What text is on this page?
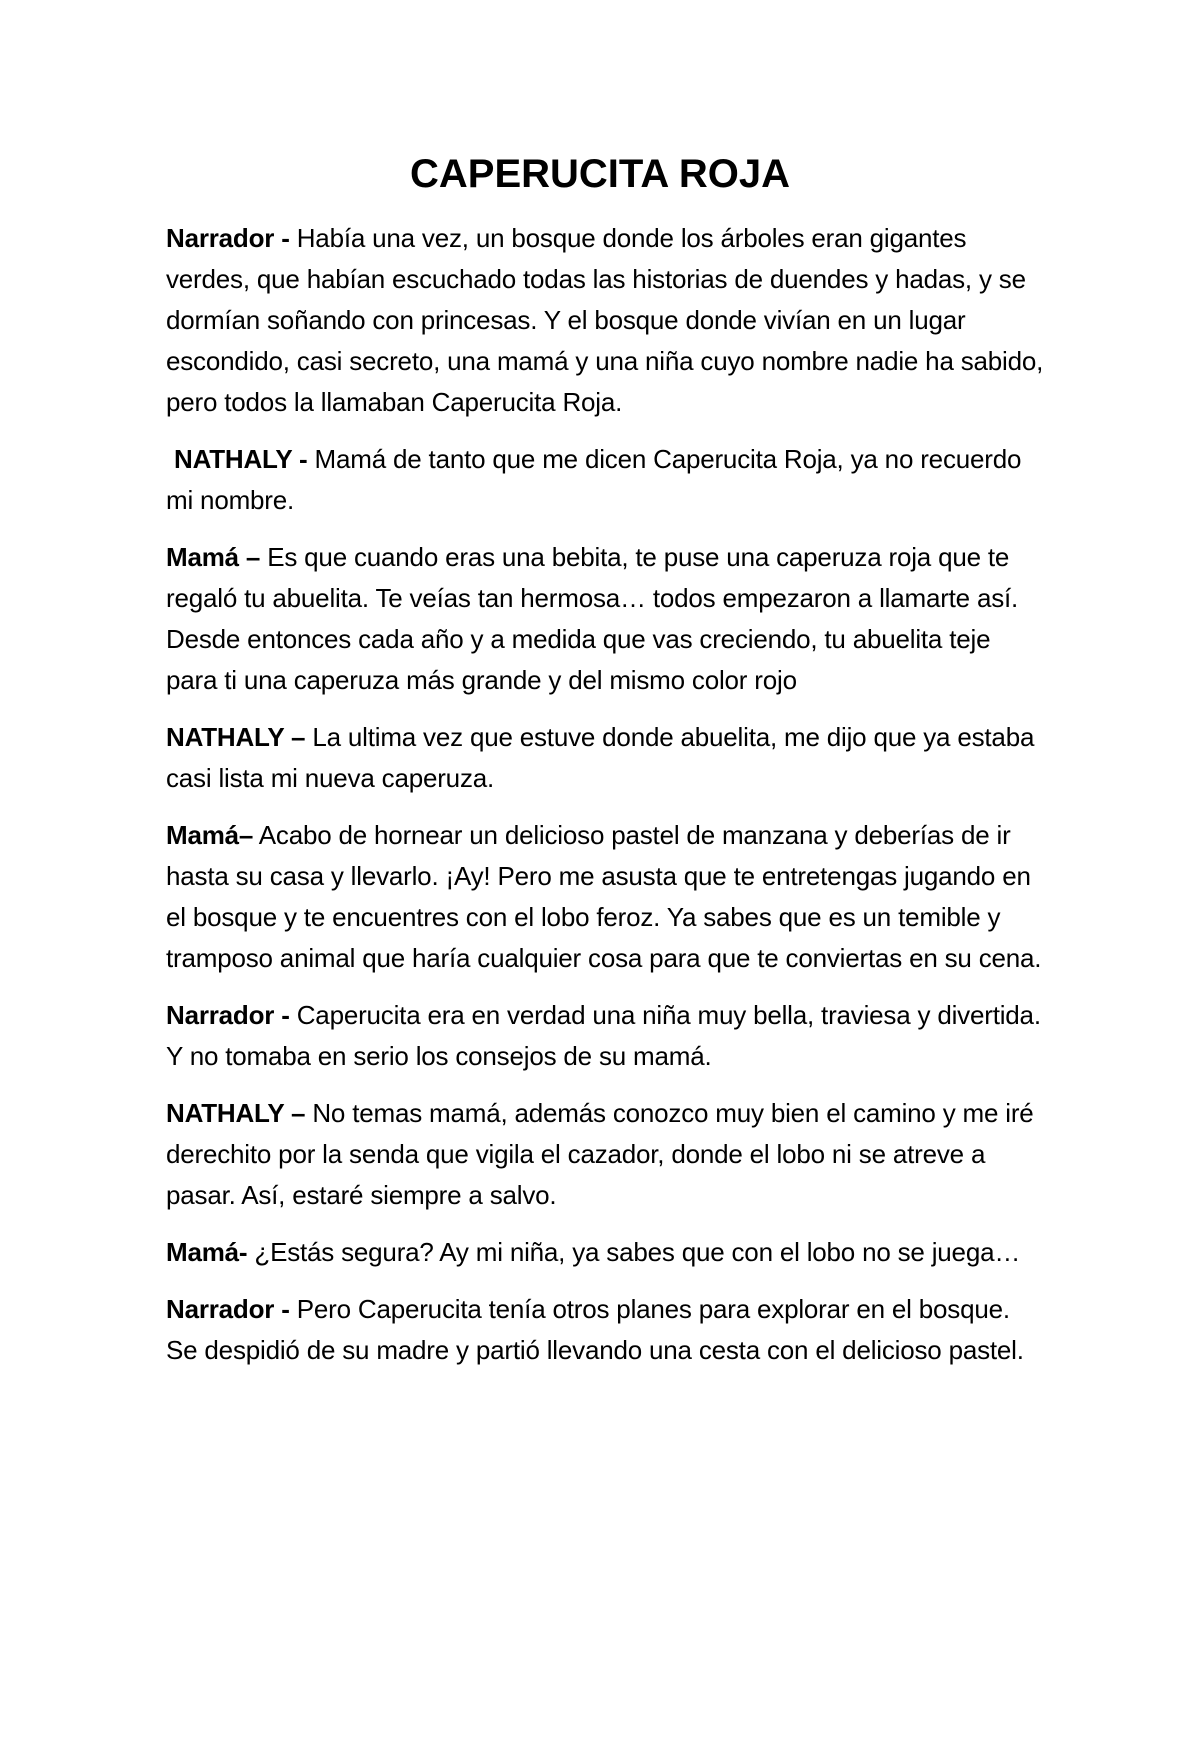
CAPERUCITA ROJA

Narrador - Había una vez, un bosque donde los árboles eran gigantes verdes, que habían escuchado todas las historias de duendes y hadas, y se dormían soñando con princesas. Y el bosque donde vivían en un lugar escondido, casi secreto, una mamá y una niña cuyo nombre nadie ha sabido, pero todos la llamaban Caperucita Roja.

NATHALY - Mamá de tanto que me dicen Caperucita Roja, ya no recuerdo mi nombre.

Mamá – Es que cuando eras una bebita, te puse una caperuza roja que te regaló tu abuelita. Te veías tan hermosa… todos empezaron a llamarte así. Desde entonces cada año y a medida que vas creciendo, tu abuelita teje para ti una caperuza más grande y del mismo color rojo

NATHALY – La ultima vez que estuve donde abuelita, me dijo que ya estaba casi lista mi nueva caperuza.

Mamá– Acabo de hornear un delicioso pastel de manzana y deberías de ir hasta su casa y llevarlo. ¡Ay! Pero me asusta que te entretengas jugando en el bosque y te encuentres con el lobo feroz. Ya sabes que es un temible y tramposo animal que haría cualquier cosa para que te conviertas en su cena.

Narrador - Caperucita era en verdad una niña muy bella, traviesa y divertida. Y no tomaba en serio los consejos de su mamá.

NATHALY – No temas mamá, además conozco muy bien el camino y me iré derechito por la senda que vigila el cazador, donde el lobo ni se atreve a pasar. Así, estaré siempre a salvo.

Mamá- ¿Estás segura? Ay mi niña, ya sabes que con el lobo no se juega…

Narrador - Pero Caperucita tenía otros planes para explorar en el bosque. Se despidió de su madre y partió llevando una cesta con el delicioso pastel.
